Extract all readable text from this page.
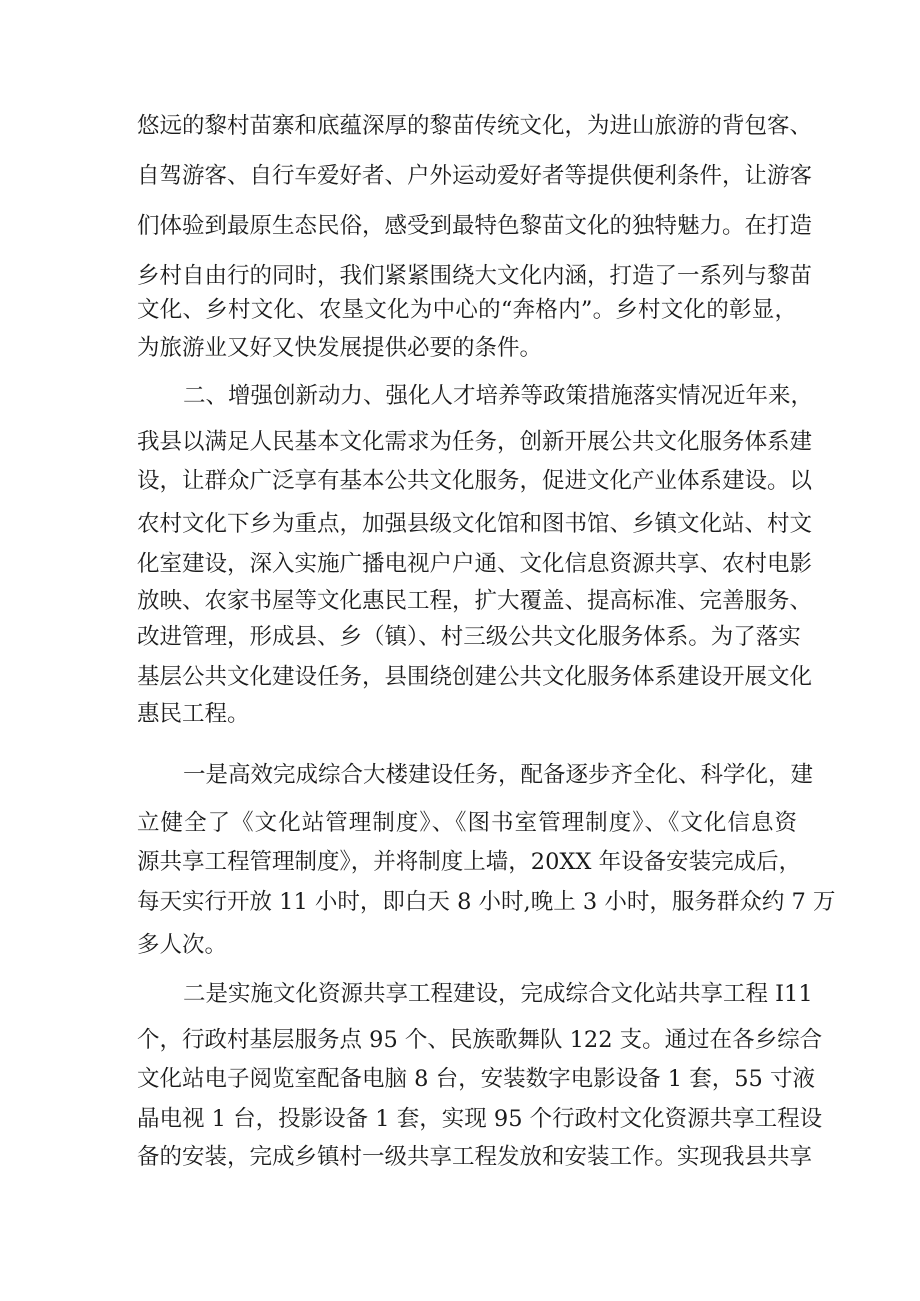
悠远的黎村苗寨和底蕴深厚的黎苗传统文化，为进山旅游的背包客、
自驾游客、自行车爱好者、户外运动爱好者等提供便利条件，让游客
们体验到最原生态民俗，感受到最特色黎苗文化的独特魅力。在打造
乡村自由行的同时，我们紧紧围绕大文化内涵，打造了一系列与黎苗
文化、乡村文化、农垦文化为中心的“奔格内”。乡村文化的彰显，
为旅游业又好又快发展提供必要的条件。
二、增强创新动力、强化人才培养等政策措施落实情况近年来，
我县以满足人民基本文化需求为任务，创新开展公共文化服务体系建
设，让群众广泛享有基本公共文化服务，促进文化产业体系建设。以
农村文化下乡为重点，加强县级文化馆和图书馆、乡镇文化站、村文
化室建设，深入实施广播电视户户通、文化信息资源共享、农村电影
放映、农家书屋等文化惠民工程，扩大覆盖、提高标准、完善服务、
改进管理，形成县、乡（镇）、村三级公共文化服务体系。为了落实
基层公共文化建设任务，县围绕创建公共文化服务体系建设开展文化
惠民工程。
一是高效完成综合大楼建设任务，配备逐步齐全化、科学化，建
立健全了《文化站管理制度》、《图书室管理制度》、《文化信息资
源共享工程管理制度》，并将制度上墙，20XX 年设备安装完成后，
每天实行开放 11 小时，即白天 8 小时,晚上 3 小时，服务群众约 7 万
多人次。
二是实施文化资源共享工程建设，完成综合文化站共享工程 I11
个，行政村基层服务点 95 个、民族歌舞队 122 支。通过在各乡综合
文化站电子阅览室配备电脑 8 台，安装数字电影设备 1 套，55 寸液
晶电视 1 台，投影设备 1 套，实现 95 个行政村文化资源共享工程设
备的安装，完成乡镇村一级共享工程发放和安装工作。实现我县共享
